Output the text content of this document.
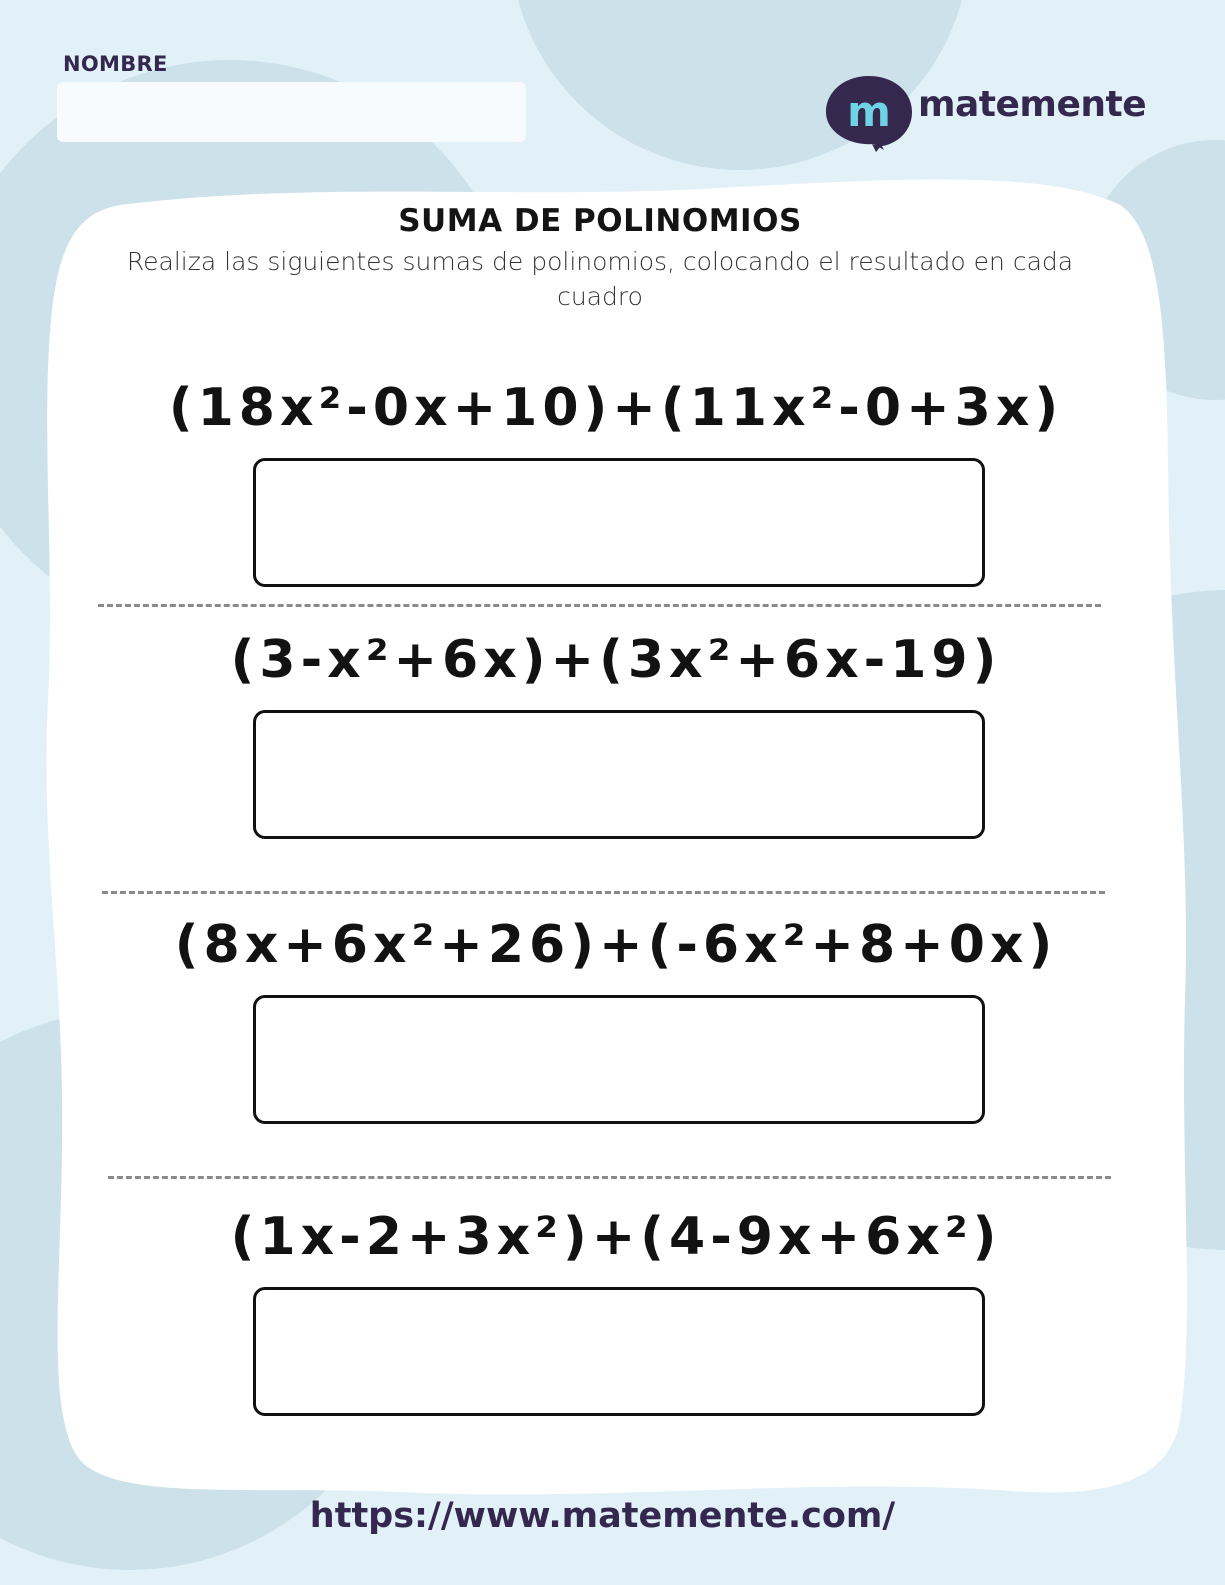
NOMBRE
m matemente
SUMA DE POLINOMIOS
Realiza las siguientes sumas de polinomios, colocando el resultado en cada cuadro
(18x²-0x+10)+(11x²-0+3x)
(3-x²+6x)+(3x²+6x-19)
(8x+6x²+26)+(-6x²+8+0x)
(1x-2+3x²)+(4-9x+6x²)
https://www.matemente.com/
